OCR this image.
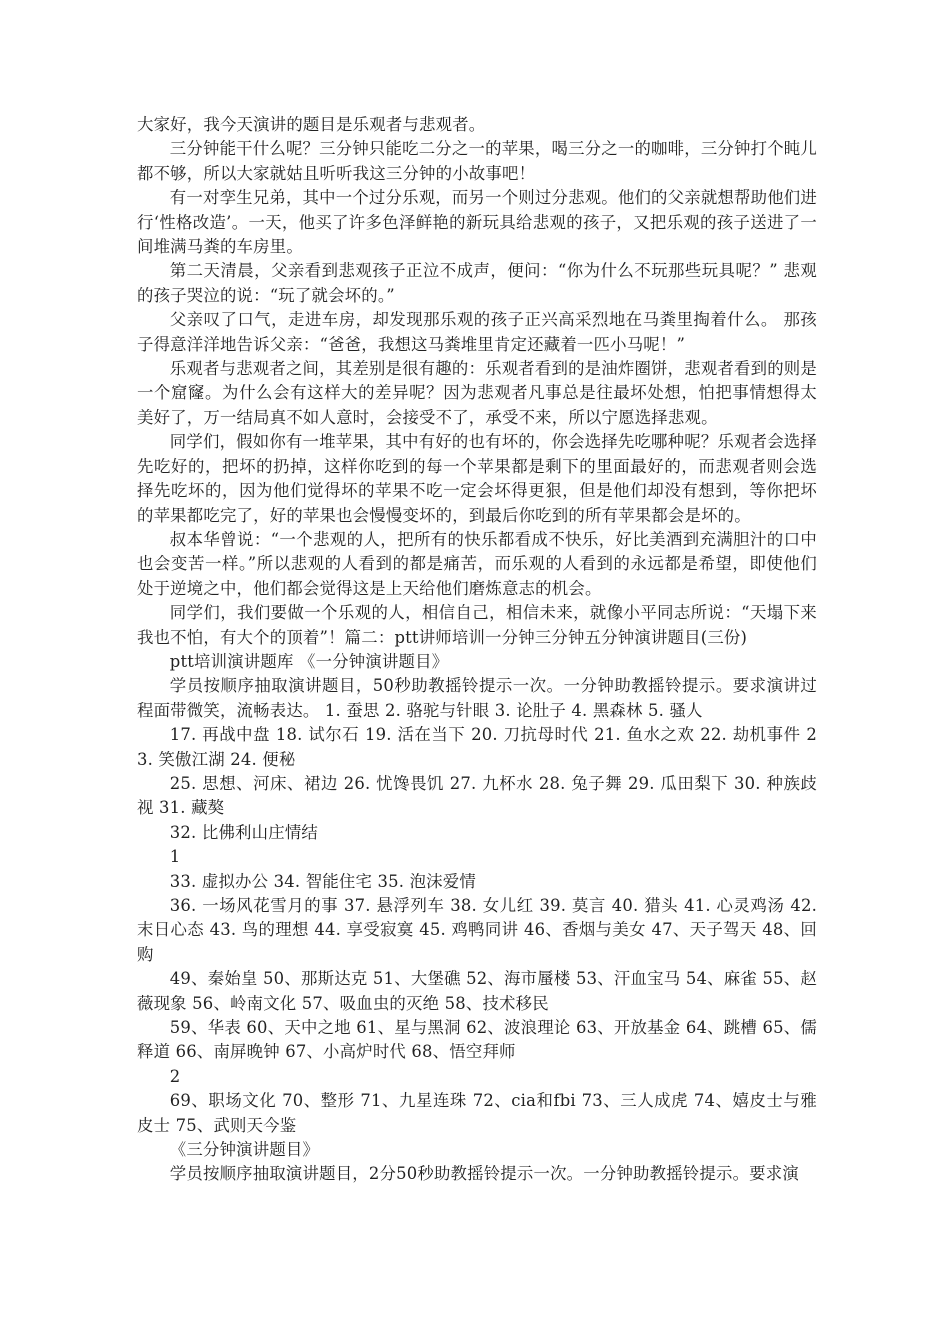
大家好，我今天演讲的题目是乐观者与悲观者。

三分钟能干什么呢？三分钟只能吃二分之一的苹果，喝三分之一的咖啡，三分钟打个盹儿都不够，所以大家就姑且听听我这三分钟的小故事吧！

有一对孪生兄弟，其中一个过分乐观，而另一个则过分悲观。他们的父亲就想帮助他们进行‘性格改造’。一天，他买了许多色泽鲜艳的新玩具给悲观的孩子，又把乐观的孩子送进了一间堆满马粪的车房里。

第二天清晨，父亲看到悲观孩子正泣不成声，便问：“你为什么不玩那些玩具呢？” 悲观的孩子哭泣的说：“玩了就会坏的。”

父亲叹了口气，走进车房，却发现那乐观的孩子正兴高采烈地在马粪里掏着什么。 那孩子得意洋洋地告诉父亲：“爸爸，我想这马粪堆里肯定还藏着一匹小马呢！”

乐观者与悲观者之间，其差别是很有趣的：乐观者看到的是油炸圈饼，悲观者看到的则是一个窟窿。为什么会有这样大的差异呢？因为悲观者凡事总是往最坏处想，怕把事情想得太美好了，万一结局真不如人意时，会接受不了，承受不来，所以宁愿选择悲观。

同学们，假如你有一堆苹果，其中有好的也有坏的，你会选择先吃哪种呢？乐观者会选择先吃好的，把坏的扔掉，这样你吃到的每一个苹果都是剩下的里面最好的，而悲观者则会选择先吃坏的，因为他们觉得坏的苹果不吃一定会坏得更狠，但是他们却没有想到，等你把坏的苹果都吃完了，好的苹果也会慢慢变坏的，到最后你吃到的所有苹果都会是坏的。

叔本华曾说：“一个悲观的人，把所有的快乐都看成不快乐，好比美酒到充满胆汁的口中也会变苦一样。”所以悲观的人看到的都是痛苦，而乐观的人看到的永远都是希望，即使他们处于逆境之中，他们都会觉得这是上天给他们磨炼意志的机会。

同学们，我们要做一个乐观的人，相信自己，相信未来，就像小平同志所说：“天塌下来我也不怕，有大个的顶着”！篇二：ptt讲师培训一分钟三分钟五分钟演讲题目(三份)

ptt培训演讲题库 《一分钟演讲题目》

学员按顺序抽取演讲题目，50秒助教摇铃提示一次。一分钟助教摇铃提示。要求演讲过程面带微笑，流畅表达。 1. 蚕思 2. 骆驼与针眼 3. 论肚子 4. 黑森林 5. 骚人

17. 再战中盘 18. 试尔石 19. 活在当下 20. 刀抗母时代 21. 鱼水之欢 22. 劫机事件 23. 笑傲江湖 24. 便秘

25. 思想、河床、裙边 26. 忧馋畏饥 27. 九杯水 28. 兔子舞 29. 瓜田梨下 30. 种族歧视 31. 藏獒

32. 比佛利山庄情结

1

33. 虚拟办公 34. 智能住宅 35. 泡沫爱情

36. 一场风花雪月的事 37. 悬浮列车 38. 女儿红 39. 莫言 40. 猎头 41. 心灵鸡汤 42. 末日心态 43. 鸟的理想 44. 享受寂寞 45. 鸡鸭同讲 46、香烟与美女 47、天子驾天 48、回购

49、秦始皇 50、那斯达克 51、大堡礁 52、海市蜃楼 53、汗血宝马 54、麻雀 55、赵薇现象 56、岭南文化 57、吸血虫的灭绝 58、技术移民

59、华表 60、天中之地 61、星与黑洞 62、波浪理论 63、开放基金 64、跳槽 65、儒释道 66、南屏晚钟 67、小高炉时代 68、悟空拜师

2

69、职场文化 70、整形 71、九星连珠 72、cia和fbi 73、三人成虎 74、嬉皮士与雅皮士 75、武则天今鉴

《三分钟演讲题目》

学员按顺序抽取演讲题目，2分50秒助教摇铃提示一次。一分钟助教摇铃提示。要求演
